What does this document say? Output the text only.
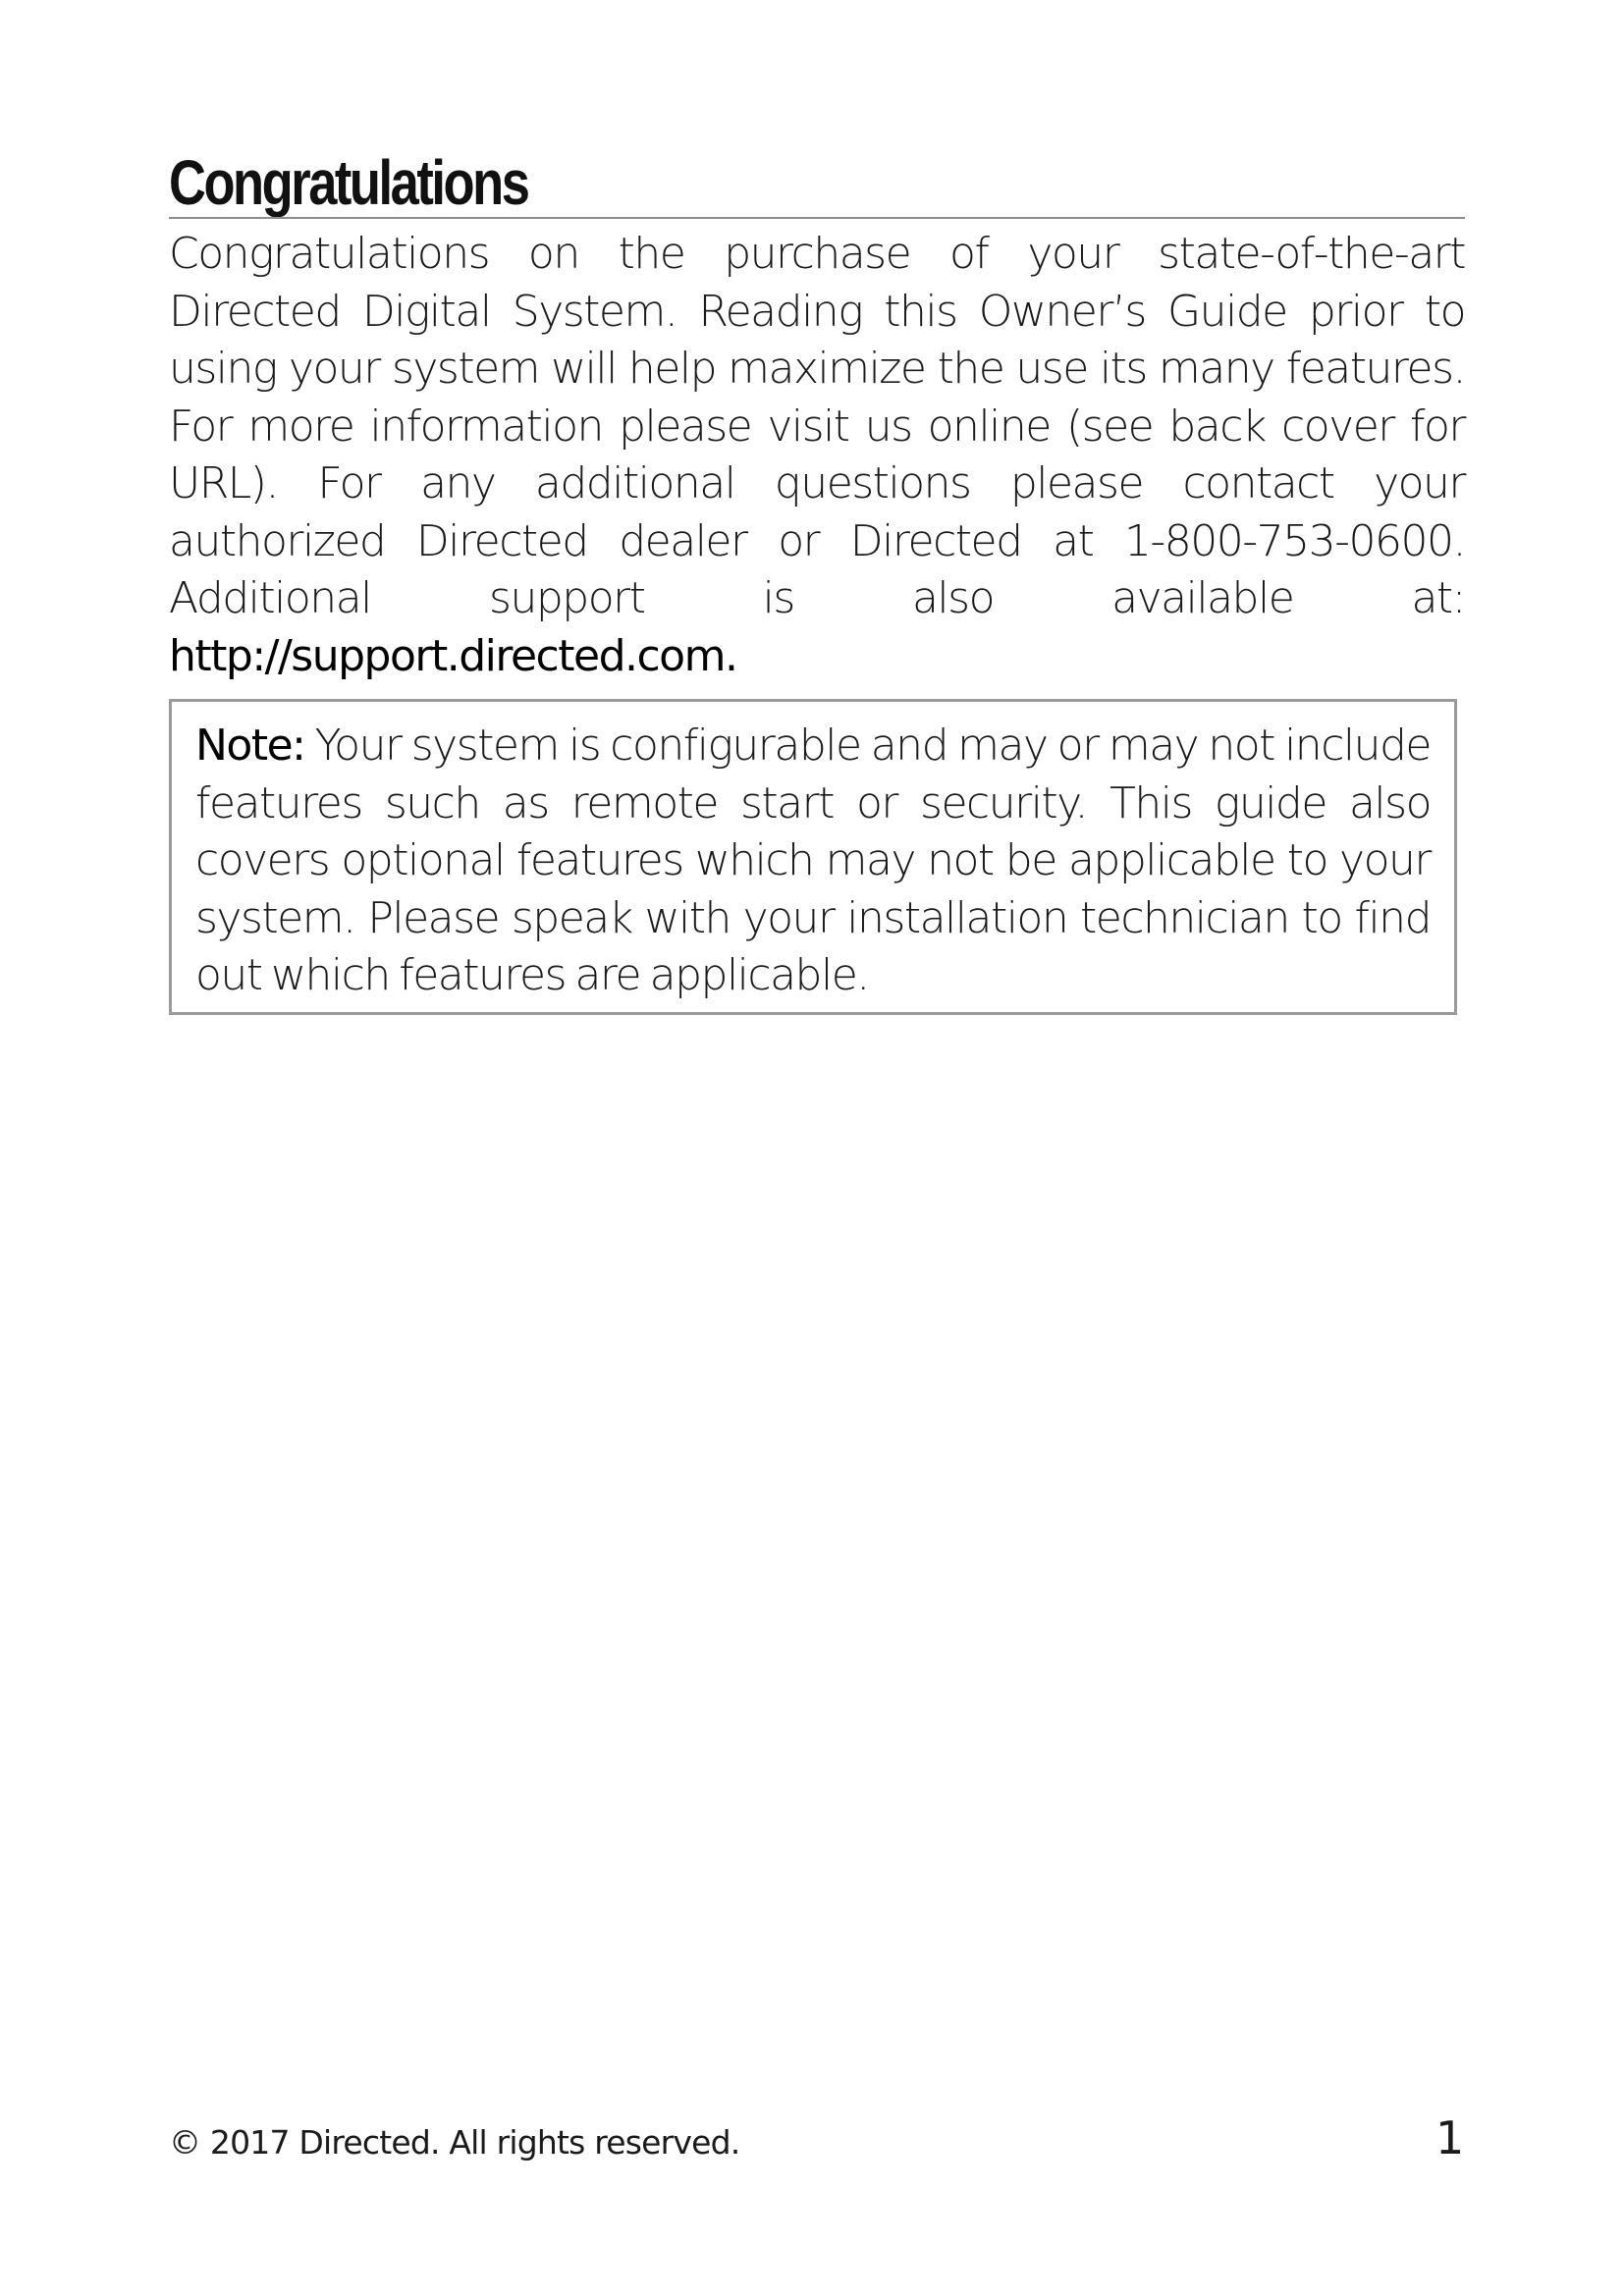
Congratulations

Congratulations on the purchase of your state-of-the-art Directed Digital System. Reading this Owner’s Guide prior to using your system will help maximize the use its many features. For more information please visit us online (see back cover for URL). For any additional questions please contact your authorized Directed dealer or Directed at 1-800-753-0600. Additional support is also available at: http://support.directed.com.

Note: Your system is configurable and may or may not include features such as remote start or security. This guide also covers optional features which may not be applicable to your system. Please speak with your installation technician to find out which features are applicable.

© 2017 Directed. All rights reserved.	1
